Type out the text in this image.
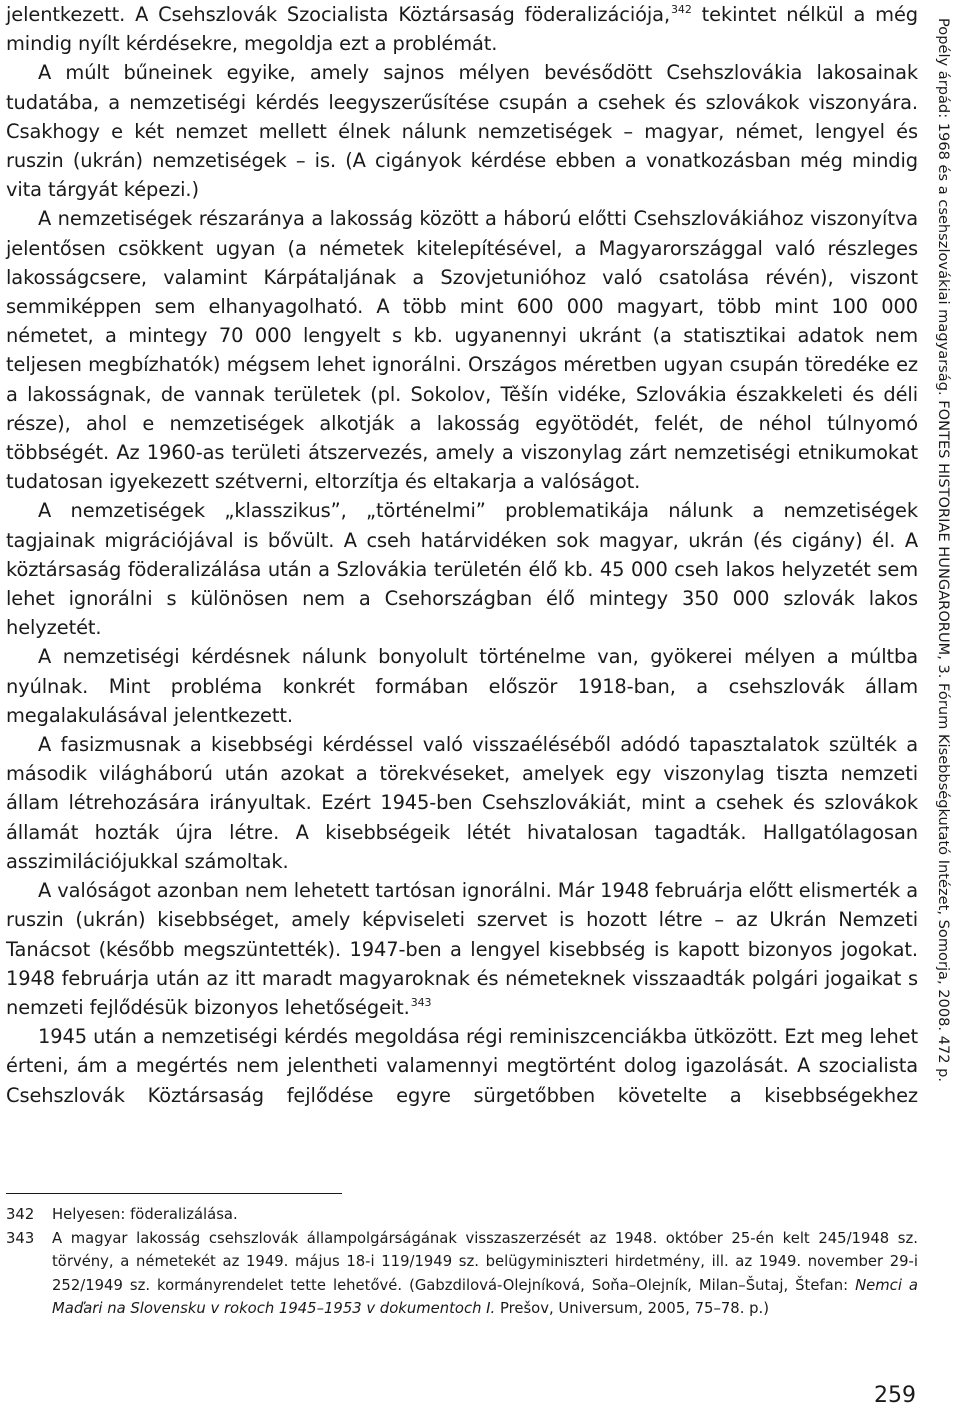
jelentkezett. A Csehszlovák Szocialista Köztársaság föderalizációja,$^{342}$ tekintet nélkül a még mindig nyílt kérdésekre, megoldja ezt a problémát.

A múlt bűneinek egyike, amely sajnos mélyen bevésődött Csehszlovákia lakosainak tudatába, a nemzetiségi kérdés leegyszerűsítése csupán a csehek és szlovákok viszonyára. Csakhogy e két nemzet mellett élnek nálunk nemzetiségek – magyar, német, lengyel és ruszin (ukrán) nemzetiségek – is. (A cigányok kérdése ebben a vonatkozásban még mindig vita tárgyát képezi.)

A nemzetiségek részaránya a lakosság között a háború előtti Csehszlovákiához viszonyítva jelentősen csökkent ugyan (a németek kitelepítésével, a Magyarországgal való részleges lakosságcsere, valamint Kárpátaljának a Szovjetunióhoz való csatolása révén), viszont semmiképpen sem elhanyagolható. A több mint 600 000 magyart, több mint 100 000 németet, a mintegy 70 000 lengyelt s kb. ugyanennyi ukránt (a statisztikai adatok nem teljesen megbízhatók) mégsem lehet ignorálni. Országos méretben ugyan csupán töredéke ez a lakosságnak, de vannak területek (pl. Sokolov, Těšín vidéke, Szlovákia északkeleti és déli része), ahol e nemzetiségek alkotják a lakosság egyötödét, felét, de néhol túlnyomó többségét. Az 1960-as területi átszervezés, amely a viszonylag zárt nemzetiségi etnikumokat tudatosan igyekezett szétverni, eltorzítja és eltakarja a valóságot.

A nemzetiségek „klasszikus”, „történelmi” problematikája nálunk a nemzetiségek tagjainak migrációjával is bővült. A cseh határvidéken sok magyar, ukrán (és cigány) él. A köztársaság föderalizálása után a Szlovákia területén élő kb. 45 000 cseh lakos helyzetét sem lehet ignorálni s különösen nem a Csehországban élő mintegy 350 000 szlovák lakos helyzetét.

A nemzetiségi kérdésnek nálunk bonyolult történelme van, gyökerei mélyen a múltba nyúlnak. Mint probléma konkrét formában először 1918-ban, a csehszlovák állam megalakulásával jelentkezett.

A fasizmusnak a kisebbségi kérdéssel való visszaéléséből adódó tapasztalatok szülték a második világháború után azokat a törekvéseket, amelyek egy viszonylag tiszta nemzeti állam létrehozására irányultak. Ezért 1945-ben Csehszlovákiát, mint a csehek és szlovákok államát hozták újra létre. A kisebbségeik létét hivatalosan tagadták. Hallgatólagosan asszimilációjukkal számoltak.

A valóságot azonban nem lehetett tartósan ignorálni. Már 1948 februárja előtt elismerték a ruszin (ukrán) kisebbséget, amely képviseleti szervet is hozott létre – az Ukrán Nemzeti Tanácsot (később megszüntették). 1947-ben a lengyel kisebbség is kapott bizonyos jogokat. 1948 februárja után az itt maradt magyaroknak és németeknek visszaadták polgári jogaikat s nemzeti fejlődésük bizonyos lehetőségeit.$^{343}$

1945 után a nemzetiségi kérdés megoldása régi reminiszcenciákba ütközött. Ezt meg lehet érteni, ám a megértés nem jelentheti valamennyi megtörtént dolog igazolását. A szocialista Csehszlovák Köztársaság fejlődése egyre sürgetőbben követelte a kisebbségekhez

Popély árpád: 1968 és a csehszlovákiai magyarság. FONTES HISTORIAE HUNGARORUM, 3. Fórum Kisebbségkutató Intézet, Somorja, 2008. 472 p.

342 Helyesen: föderalizálása.

343 A magyar lakosság csehszlovák állampolgárságának visszaszerzését az 1948. október 25-én kelt 245/1948 sz. törvény, a németekét az 1949. május 18-i 119/1949 sz. belügyminiszteri hirdetmény, ill. az 1949. november 29-i 252/1949 sz. kormányrendelet tette lehetővé. (Gabzdilová-Olejníková, Soňa–Olejník, Milan–Šutaj, Štefan: Nemci a Maďari na Slovensku v rokoch 1945–1953 v dokumentoch I. Prešov, Universum, 2005, 75–78. p.)

259
